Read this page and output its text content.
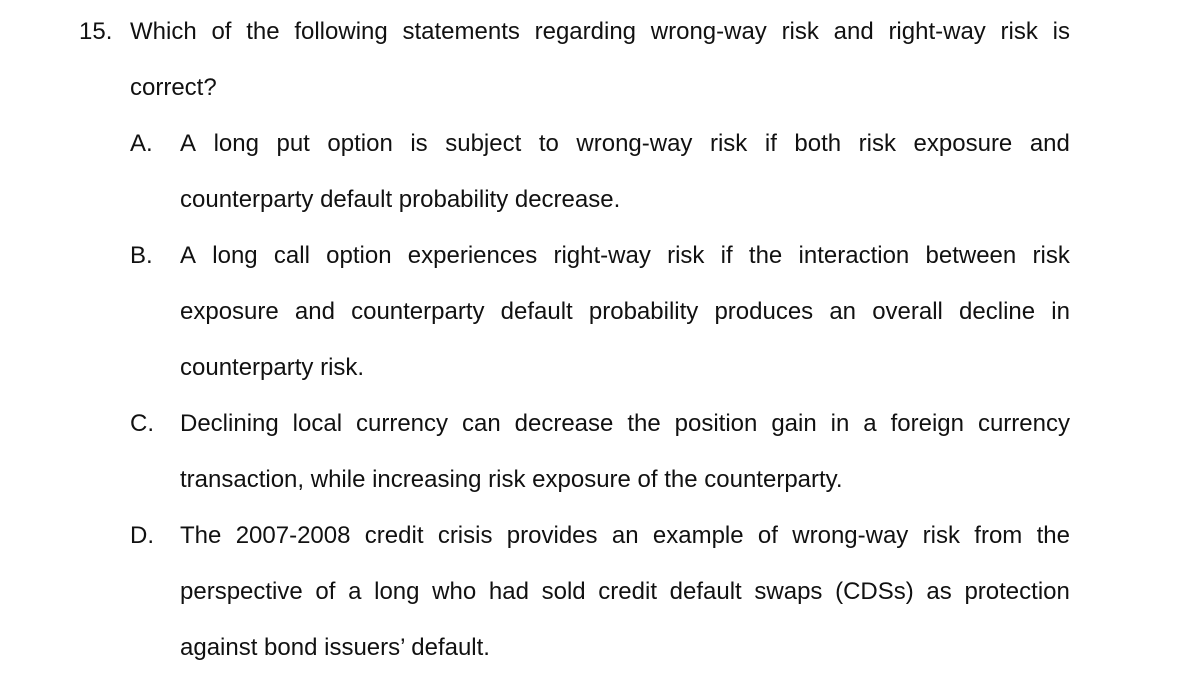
15. Which of the following statements regarding wrong-way risk and right-way risk is
correct?
A. A long put option is subject to wrong-way risk if both risk exposure and
counterparty default probability decrease.
B. A long call option experiences right-way risk if the interaction between risk
exposure and counterparty default probability produces an overall decline in
counterparty risk.
C. Declining local currency can decrease the position gain in a foreign currency
transaction, while increasing risk exposure of the counterparty.
D. The 2007-2008 credit crisis provides an example of wrong-way risk from the
perspective of a long who had sold credit default swaps (CDSs) as protection
against bond issuers’ default.
